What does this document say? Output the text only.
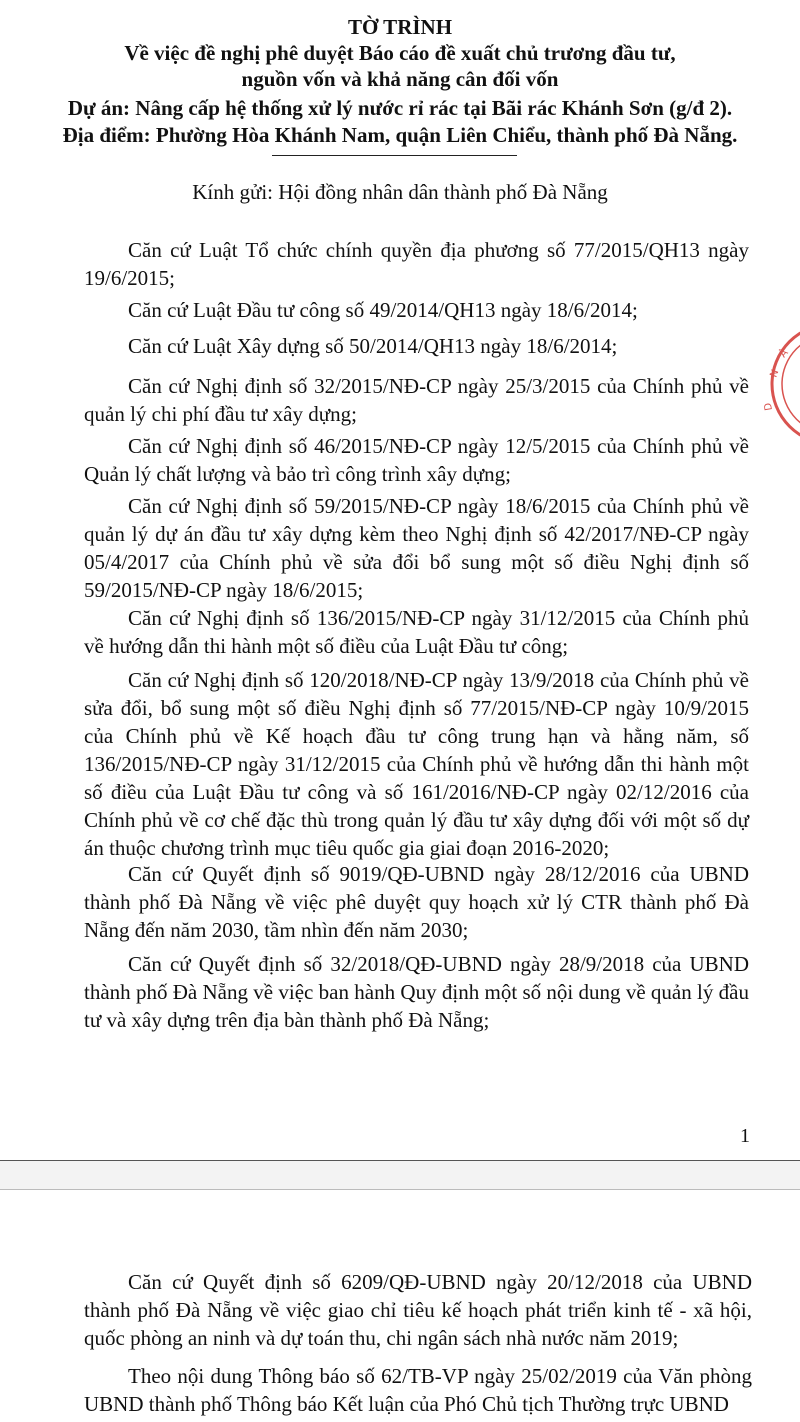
TỜ TRÌNH
Về việc đề nghị phê duyệt Báo cáo đề xuất chủ trương đầu tư,
nguồn vốn và khả năng cân đối vốn
Dự án: Nâng cấp hệ thống xử lý nước rỉ rác tại Bãi rác Khánh Sơn (g/đ 2).
Địa điểm: Phường Hòa Khánh Nam, quận Liên Chiểu, thành phố Đà Nẵng.
Kính gửi: Hội đồng nhân dân thành phố Đà Nẵng

Căn cứ Luật Tổ chức chính quyền địa phương số 77/2015/QH13 ngày 19/6/2015;

Căn cứ Luật Đầu tư công số 49/2014/QH13 ngày 18/6/2014;

Căn cứ Luật Xây dựng số 50/2014/QH13 ngày 18/6/2014;

Căn cứ Nghị định số 32/2015/NĐ-CP ngày 25/3/2015 của Chính phủ về quản lý chi phí đầu tư xây dựng;

Căn cứ Nghị định số 46/2015/NĐ-CP ngày 12/5/2015 của Chính phủ về Quản lý chất lượng và bảo trì công trình xây dựng;

Căn cứ Nghị định số 59/2015/NĐ-CP ngày 18/6/2015 của Chính phủ về quản lý dự án đầu tư xây dựng kèm theo Nghị định số 42/2017/NĐ-CP ngày 05/4/2017 của Chính phủ về sửa đổi bổ sung một số điều Nghị định số 59/2015/NĐ-CP ngày 18/6/2015;

Căn cứ Nghị định số 136/2015/NĐ-CP ngày 31/12/2015 của Chính phủ về hướng dẫn thi hành một số điều của Luật Đầu tư công;

Căn cứ Nghị định số 120/2018/NĐ-CP ngày 13/9/2018 của Chính phủ về sửa đổi, bổ sung một số điều Nghị định số 77/2015/NĐ-CP ngày 10/9/2015 của Chính phủ về Kế hoạch đầu tư công trung hạn và hằng năm, số 136/2015/NĐ-CP ngày 31/12/2015 của Chính phủ về hướng dẫn thi hành một số điều của Luật Đầu tư công và số 161/2016/NĐ-CP ngày 02/12/2016 của Chính phủ về cơ chế đặc thù trong quản lý đầu tư xây dựng đối với một số dự án thuộc chương trình mục tiêu quốc gia giai đoạn 2016-2020;

Căn cứ Quyết định số 9019/QĐ-UBND ngày 28/12/2016 của UBND thành phố Đà Nẵng về việc phê duyệt quy hoạch xử lý CTR thành phố Đà Nẵng đến năm 2030, tầm nhìn đến năm 2030;

Căn cứ Quyết định số 32/2018/QĐ-UBND ngày 28/9/2018 của UBND thành phố Đà Nẵng về việc ban hành Quy định một số nội dung về quản lý đầu tư và xây dựng trên địa bàn thành phố Đà Nẵng;

1
N
Â
D

Căn cứ Quyết định số 6209/QĐ-UBND ngày 20/12/2018 của UBND thành phố Đà Nẵng về việc giao chỉ tiêu kế hoạch phát triển kinh tế - xã hội, quốc phòng an ninh và dự toán thu, chi ngân sách nhà nước năm 2019;

Theo nội dung Thông báo số 62/TB-VP ngày 25/02/2019 của Văn phòng UBND thành phố Thông báo Kết luận của Phó Chủ tịch Thường trực UBND
